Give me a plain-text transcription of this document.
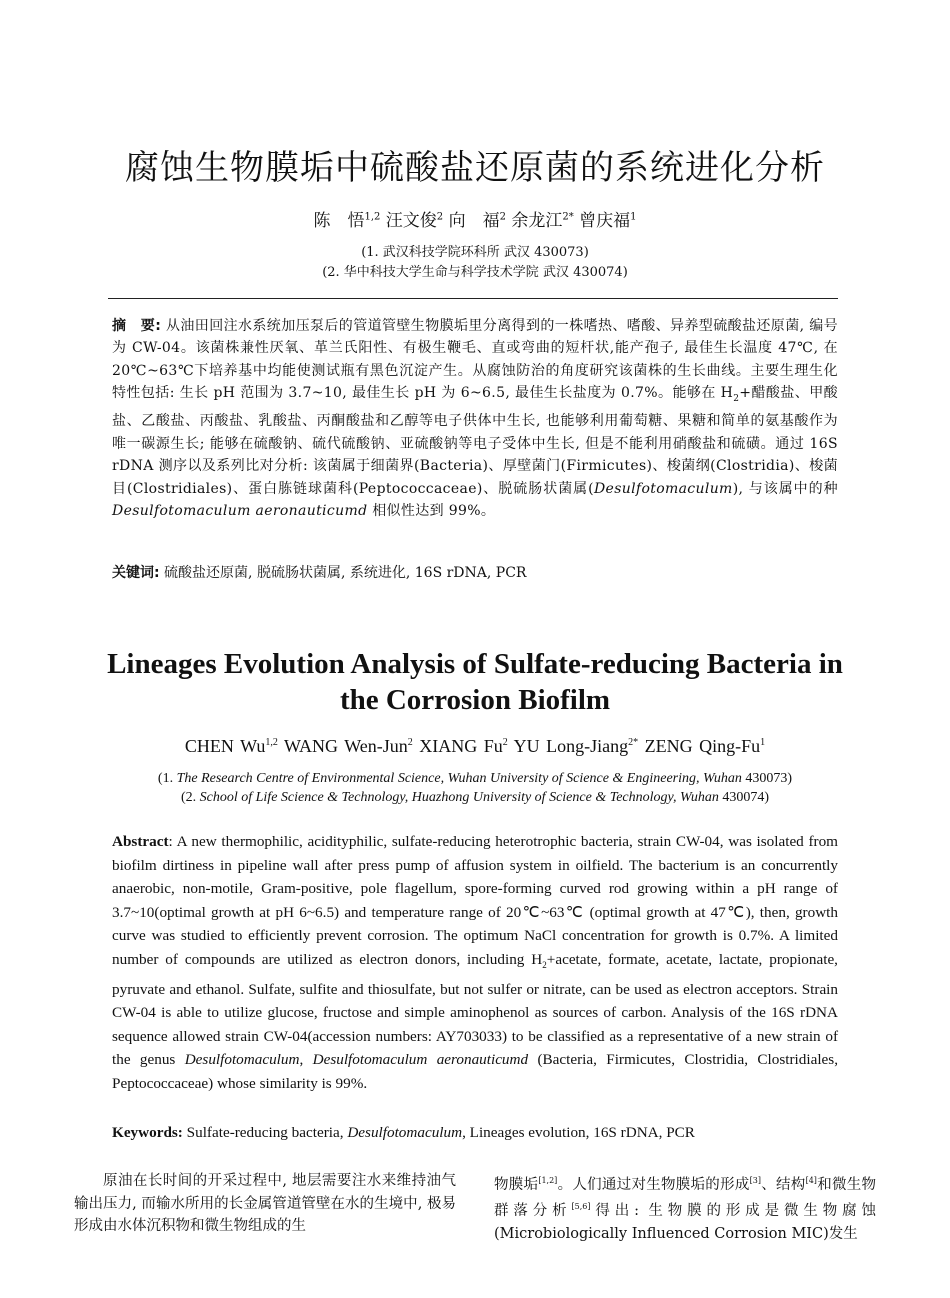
腐蚀生物膜垢中硫酸盐还原菌的系统进化分析
陈　悟$^{1,2}$ 汪文俊$^2$ 向　福$^2$ 余龙江$^{2*}$ 曾庆福$^1$
(1. 武汉科技学院环科所 武汉 430073)
(2. 华中科技大学生命与科学技术学院 武汉 430074)
摘　要: 从油田回注水系统加压泵后的管道管壁生物膜垢里分离得到的一株嗜热、嗜酸、异养型硫酸盐还原菌, 编号为 CW-04。该菌株兼性厌氧、革兰氏阳性、有极生鞭毛、直或弯曲的短杆状,能产孢子, 最佳生长温度 47℃, 在 20℃~63℃下培养基中均能使测试瓶有黑色沉淀产生。从腐蚀防治的角度研究该菌株的生长曲线。主要生理生化特性包括: 生长 pH 范围为 3.7~10, 最佳生长 pH 为 6~6.5, 最佳生长盐度为 0.7%。能够在 $H_2+$醋酸盐、甲酸盐、乙酸盐、丙酸盐、乳酸盐、丙酮酸盐和乙醇等电子供体中生长, 也能够利用葡萄糖、果糖和简单的氨基酸作为唯一碳源生长; 能够在硫酸钠、硫代硫酸钠、亚硫酸钠等电子受体中生长, 但是不能利用硝酸盐和硫磺。通过 16S rDNA 测序以及系列比对分析: 该菌属于细菌界(Bacteria)、厚壁菌门(Firmicutes)、梭菌纲(Clostridia)、梭菌目(Clostridiales)、蛋白胨链球菌科(Peptococcaceae)、脱硫肠状菌属(Desulfotomaculum), 与该属中的种 Desulfotomaculum aeronauticumd 相似性达到 99%。
关键词: 硫酸盐还原菌, 脱硫肠状菌属, 系统进化, 16S rDNA, PCR
Lineages Evolution Analysis of Sulfate-reducing Bacteria in the Corrosion Biofilm
CHEN Wu$^{1,2}$ WANG Wen-Jun$^2$ XIANG Fu$^2$ YU Long-Jiang$^{2*}$ ZENG Qing-Fu$^1$
(1. The Research Centre of Environmental Science, Wuhan University of Science & Engineering, Wuhan 430073)
(2. School of Life Science & Technology, Huazhong University of Science & Technology, Wuhan 430074)
Abstract: A new thermophilic, acidityphilic, sulfate-reducing heterotrophic bacteria, strain CW-04, was isolated from biofilm dirtiness in pipeline wall after press pump of affusion system in oilfield. The bacterium is an concurrently anaerobic, non-motile, Gram-positive, pole flagellum, spore-forming curved rod growing within a pH range of 3.7~10(optimal growth at pH 6~6.5) and temperature range of 20℃~63℃ (optimal growth at 47℃), then, growth curve was studied to efficiently prevent corrosion. The optimum NaCl concentration for growth is 0.7%. A limited number of compounds are utilized as electron donors, including $H_2+acetate$, formate, acetate, lactate, propionate, pyruvate and ethanol. Sulfate, sulfite and thiosulfate, but not sulfer or nitrate, can be used as electron acceptors. Strain CW-04 is able to utilize glucose, fructose and simple aminophenol as sources of carbon. Analysis of the 16S rDNA sequence allowed strain CW-04(accession numbers: AY703033) to be classified as a representative of a new strain of the genus Desulfotomaculum, Desulfotomaculum aeronauticumd (Bacteria, Firmicutes, Clostridia, Clostridiales, Peptococcaceae) whose similarity is 99%.
Keywords: Sulfate-reducing bacteria, Desulfotomaculum, Lineages evolution, 16S rDNA, PCR
原油在长时间的开采过程中, 地层需要注水来维持油气输出压力, 而输水所用的长金属管道管壁在水的生境中, 极易形成由水体沉积物和微生物组成的生
物膜垢[1,2]。人们通过对生物膜垢的形成[3]、结构[4]和微生物群落分析[5,6]得出: 生物膜的形成是微生物腐蚀(Microbiologically Influenced Corrosion MIC)发生
